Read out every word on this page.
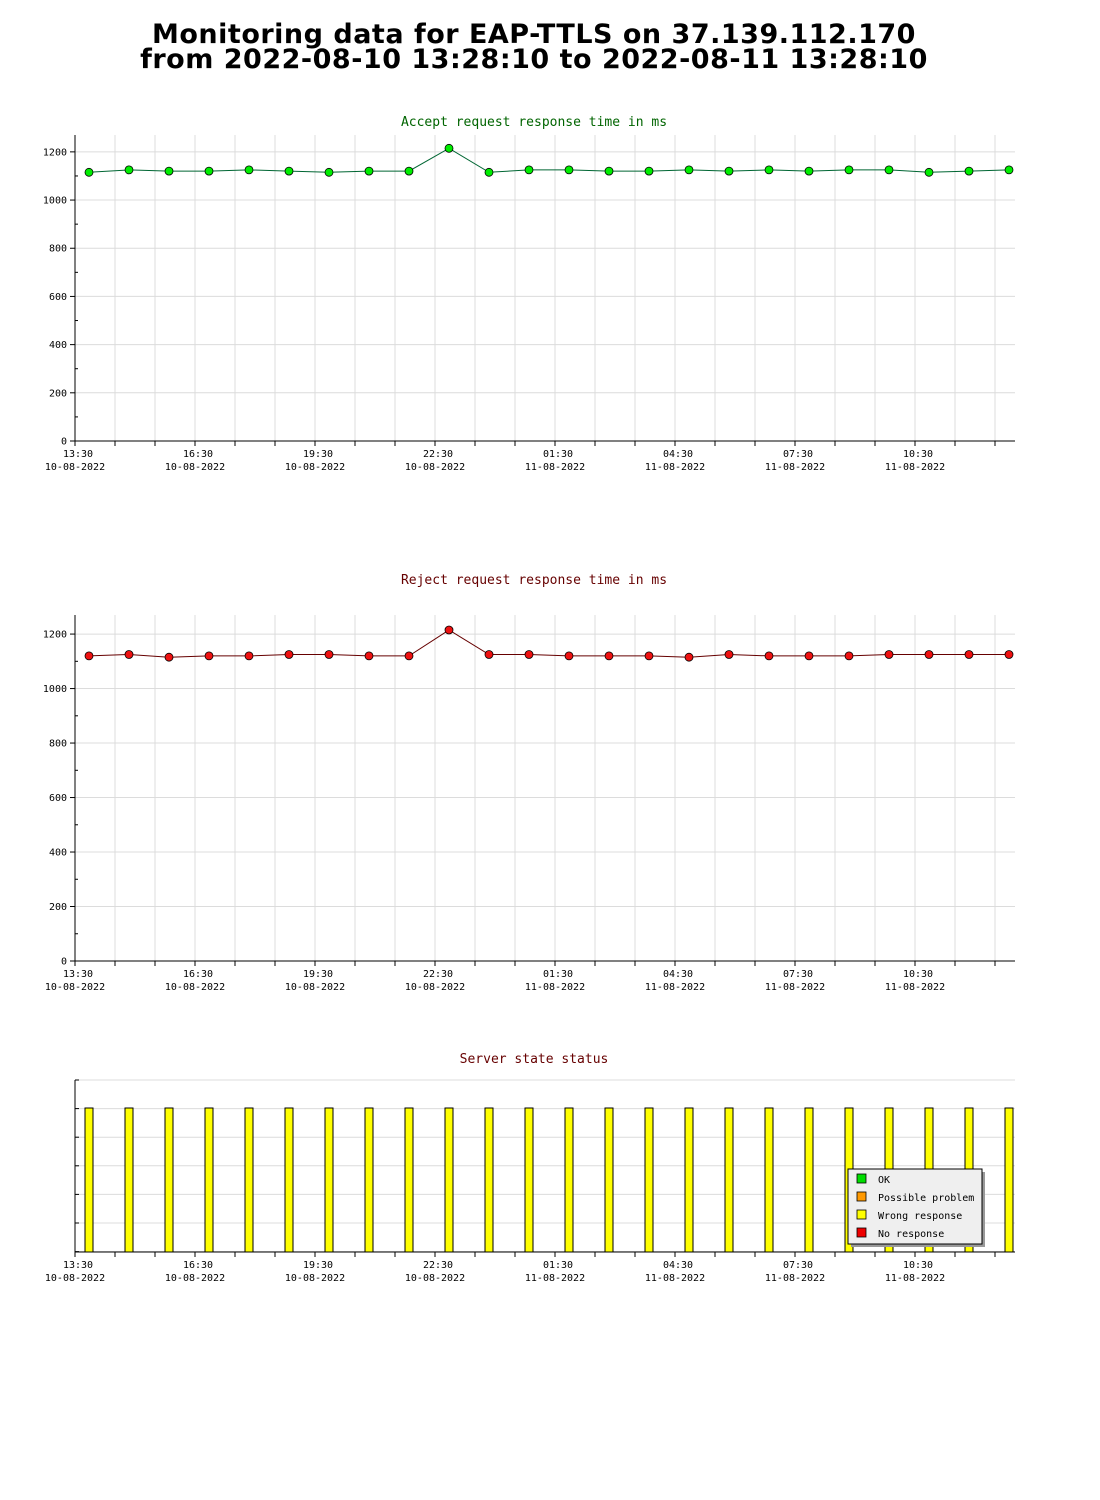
Monitoring data for EAP-TTLS on 37.139.112.170
from 2022-08-10 13:28:10 to 2022-08-11 13:28:10
Accept request response time in ms
0
200
400
600
800
1000
1200
13:30
10-08-2022
16:30
10-08-2022
19:30
10-08-2022
22:30
10-08-2022
01:30
11-08-2022
04:30
11-08-2022
07:30
11-08-2022
10:30
11-08-2022
Reject request response time in ms
0
200
400
600
800
1000
1200
13:30
10-08-2022
16:30
10-08-2022
19:30
10-08-2022
22:30
10-08-2022
01:30
11-08-2022
04:30
11-08-2022
07:30
11-08-2022
10:30
11-08-2022
Server state status
13:30
10-08-2022
16:30
10-08-2022
19:30
10-08-2022
22:30
10-08-2022
01:30
11-08-2022
04:30
11-08-2022
07:30
11-08-2022
10:30
11-08-2022
OK
Possible problem
Wrong response
No response
